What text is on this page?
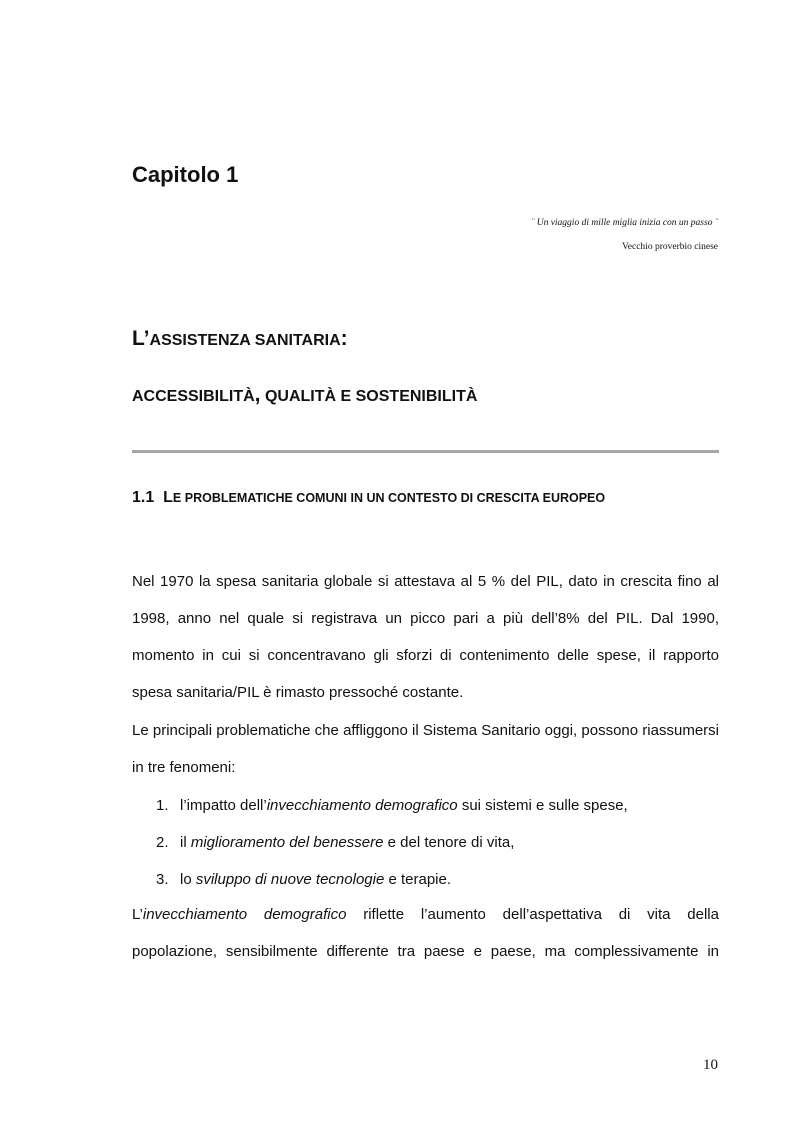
Capitolo 1
¨ Un viaggio di mille miglia inizia con un passo ¨
Vecchio proverbio cinese
L’ASSISTENZA SANITARIA:
ACCESSIBILITÀ, QUALITÀ E SOSTENIBILITÀ
1.1 LE PROBLEMATICHE COMUNI IN UN CONTESTO DI CRESCITA EUROPEO
Nel 1970 la spesa sanitaria globale si attestava al 5 % del PIL, dato in crescita fino al 1998, anno nel quale si registrava un picco pari a più dell’8% del PIL. Dal 1990, momento in cui si concentravano gli sforzi di contenimento delle spese, il rapporto spesa sanitaria/PIL è rimasto pressoché costante.
Le principali problematiche che affliggono il Sistema Sanitario oggi, possono riassumersi in tre fenomeni:
1. l’impatto dell’invecchiamento demografico sui sistemi e sulle spese,
2. il miglioramento del benessere e del tenore di vita,
3. lo sviluppo di nuove tecnologie e terapie.
L’invecchiamento demografico riflette l’aumento dell’aspettativa di vita della popolazione, sensibilmente differente tra paese e paese, ma complessivamente in
10
